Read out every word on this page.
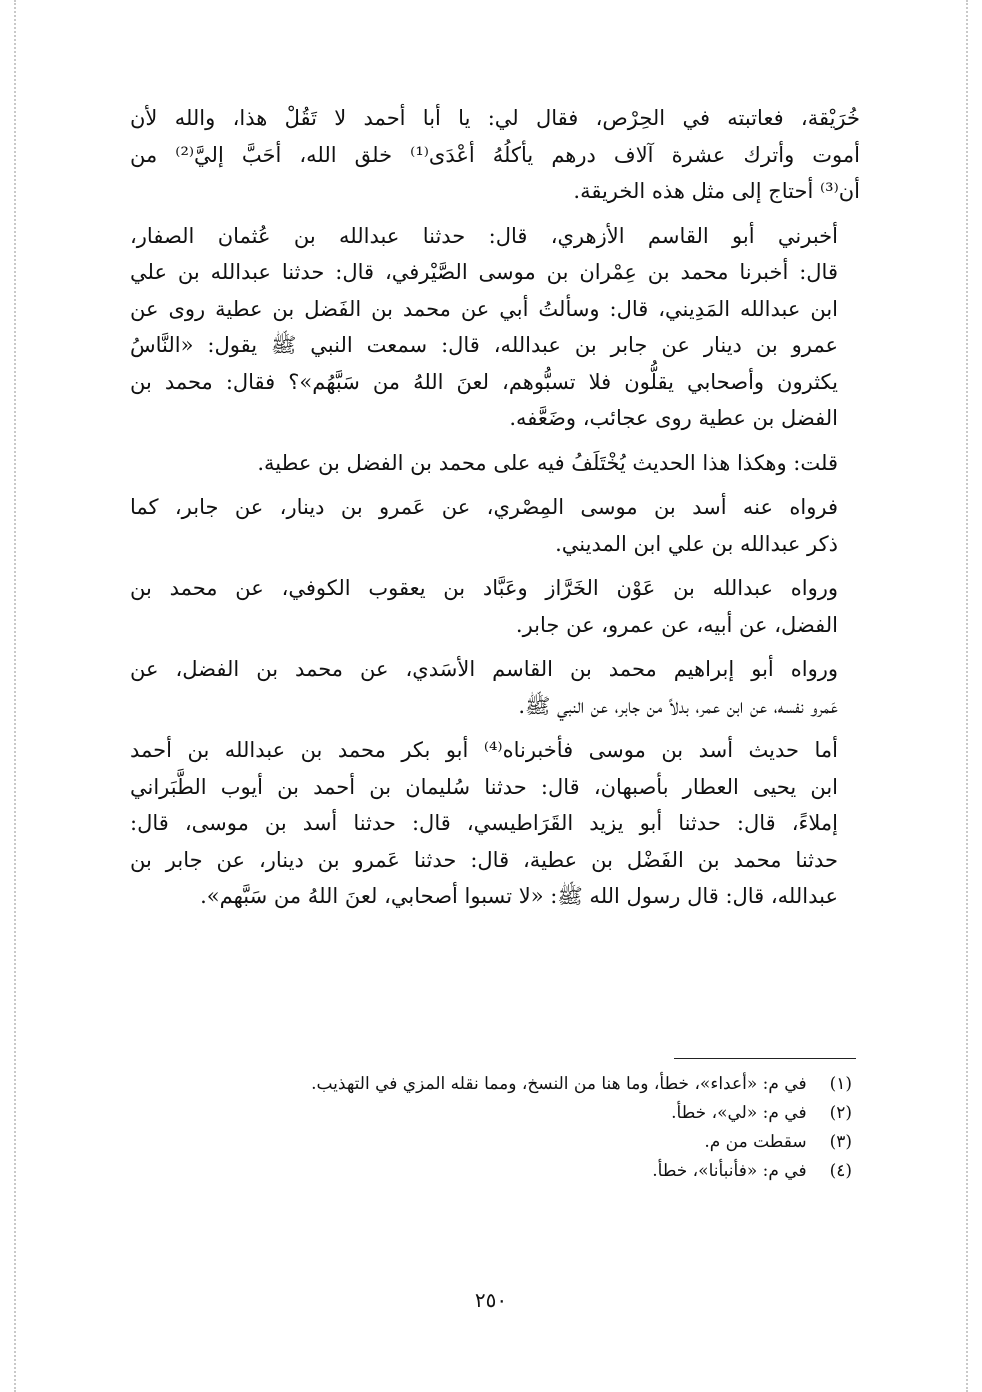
خُرَيْقة، فعاتبته في الحِرْص، فقال لي: يا أبا أحمد لا تَقُلْ هذا، والله لأن
أموت وأترك عشرة آلاف درهم يأكلُهُ أعْدَى⁽¹⁾ خلق الله، أحَبَّ إليَّ⁽²⁾ من
أن⁽³⁾ أحتاج إلى مثل هذه الخريقة.

أخبرني أبو القاسم الأزهري، قال: حدثنا عبدالله بن عُثمان الصفار،
قال: أخبرنا محمد بن عِمْران بن موسى الصَّيْرفي، قال: حدثنا عبدالله بن علي
ابن عبدالله المَدِيني، قال: وسألتُ أبي عن محمد بن الفَضل بن عطية روى عن
عمرو بن دينار عن جابر بن عبدالله، قال: سمعت النبي ﷺ يقول: «النَّاسُ
يكثرون وأصحابي يقلُّون فلا تسبُّوهم، لعنَ اللهُ من سَبَّهُم»؟ فقال: محمد بن
الفضل بن عطية روى عجائب، وضَعَّفه.

قلت: وهكذا هذا الحديث يُخْتَلَفُ فيه على محمد بن الفضل بن عطية.

فرواه عنه أسد بن موسى المِصْري، عن عَمرو بن دينار، عن جابر، كما
ذكر عبدالله بن علي ابن المديني.

ورواه عبدالله بن عَوْن الخَرَّاز وعَبَّاد بن يعقوب الكوفي، عن محمد بن
الفضل، عن أبيه، عن عمرو، عن جابر.

ورواه أبو إبراهيم محمد بن القاسم الأسَدي، عن محمد بن الفضل، عن
عَمرو نفسه، عن ابن عمر، بدلاً من جابر، عن النبي ﷺ.

أما حديث أسد بن موسى فأخبرناه⁽⁴⁾ أبو بكر محمد بن عبدالله بن أحمد
ابن يحيى العطار بأصبهان، قال: حدثنا سُليمان بن أحمد بن أيوب الطَّبَراني
إملاءً، قال: حدثنا أبو يزيد القَرَاطيسي، قال: حدثنا أسد بن موسى، قال:
حدثنا محمد بن الفَضْل بن عطية، قال: حدثنا عَمرو بن دينار، عن جابر بن
عبدالله، قال: قال رسول الله ﷺ: «لا تسبوا أصحابي، لعنَ اللهُ من سَبَّهم».

(١) في م: «أعداء»، خطأ، وما هنا من النسخ، ومما نقله المزي في التهذيب.
(٢) في م: «لي»، خطأ.
(٣) سقطت من م.
(٤) في م: «فأنبأنا»، خطأ.
٢٥٠
